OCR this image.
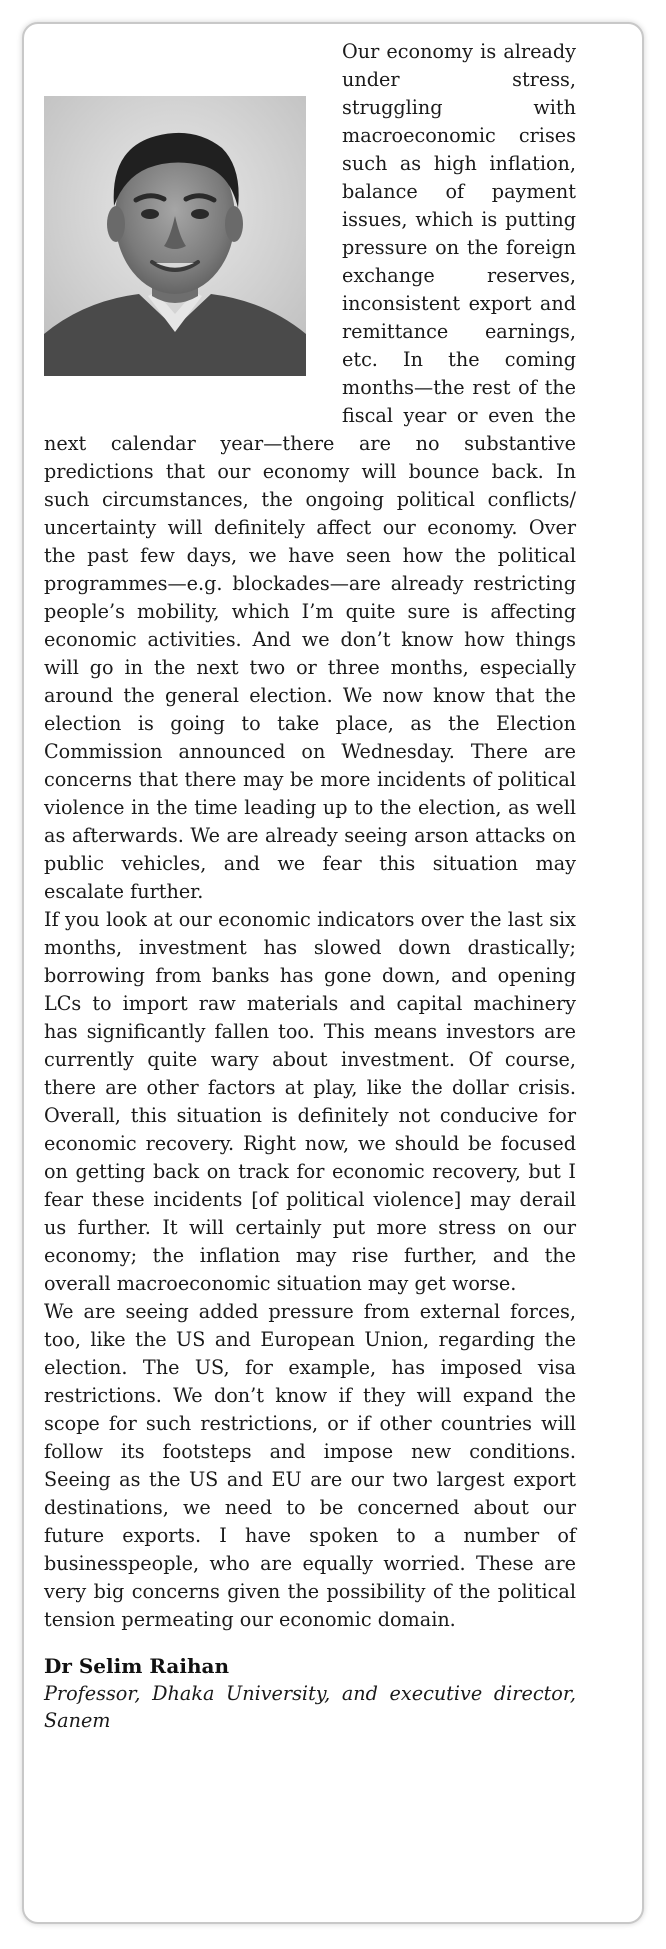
Our economy is already under stress, struggling with macroeconomic crises such as high inflation, balance of payment issues, which is putting pressure on the foreign exchange reserves, inconsistent export and remittance earnings, etc. In the coming months—the rest of the fiscal year or even the next calendar year—there are no substantive predictions that our economy will bounce back. In such circumstances, the ongoing political conflicts/ uncertainty will definitely affect our economy. Over the past few days, we have seen how the political programmes—e.g. blockades—are already restricting people’s mobility, which I’m quite sure is affecting economic activities. And we don’t know how things will go in the next two or three months, especially around the general election. We now know that the election is going to take place, as the Election Commission announced on Wednesday. There are concerns that there may be more incidents of political violence in the time leading up to the election, as well as afterwards. We are already seeing arson attacks on public vehicles, and we fear this situation may escalate further.

If you look at our economic indicators over the last six months, investment has slowed down drastically; borrowing from banks has gone down, and opening LCs to import raw materials and capital machinery has significantly fallen too. This means investors are currently quite wary about investment. Of course, there are other factors at play, like the dollar crisis. Overall, this situation is definitely not conducive for economic recovery. Right now, we should be focused on getting back on track for economic recovery, but I fear these incidents [of political violence] may derail us further. It will certainly put more stress on our economy; the inflation may rise further, and the overall macroeconomic situation may get worse.

We are seeing added pressure from external forces, too, like the US and European Union, regarding the election. The US, for example, has imposed visa restrictions. We don’t know if they will expand the scope for such restrictions, or if other countries will follow its footsteps and impose new conditions. Seeing as the US and EU are our two largest export destinations, we need to be concerned about our future exports. I have spoken to a number of businesspeople, who are equally worried. These are very big concerns given the possibility of the political tension permeating our economic domain.

Dr Selim Raihan
Professor, Dhaka University, and executive director, Sanem
